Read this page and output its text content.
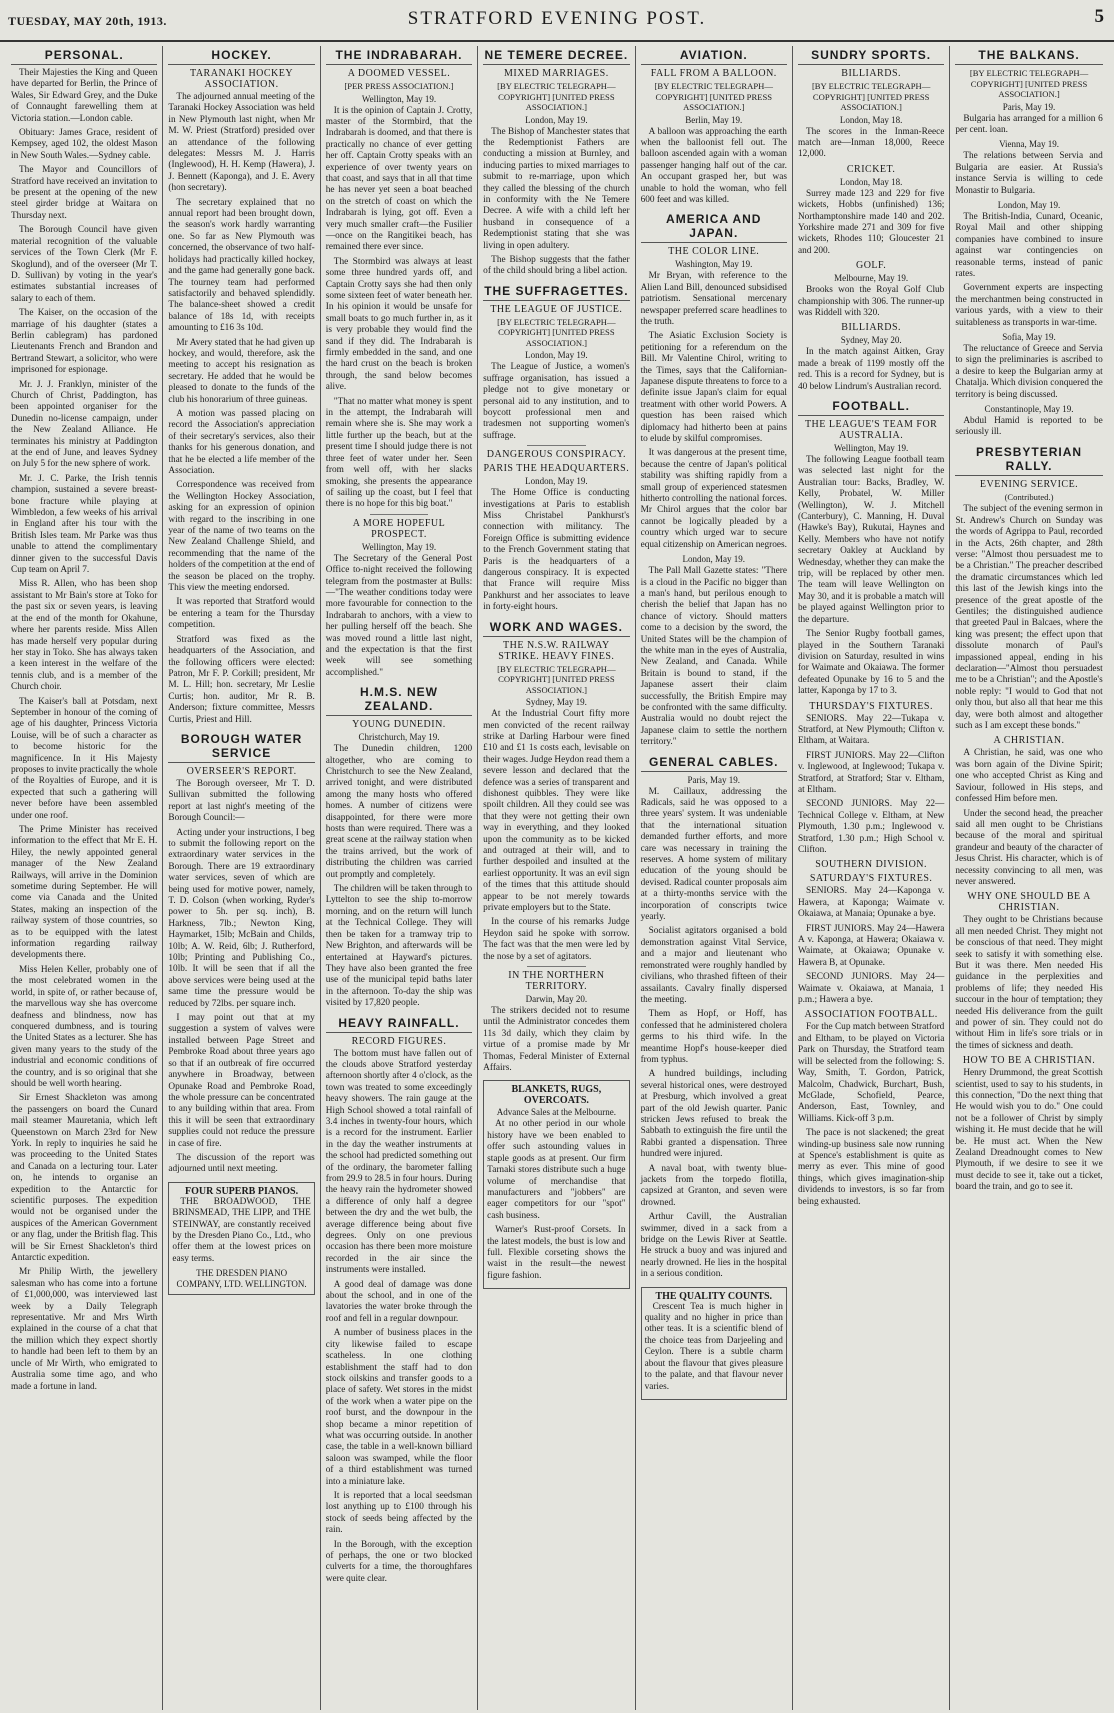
TUESDAY, MAY 20th, 1913.	STRATFORD EVENING POST.	5
PERSONAL.

Their Majesties the King and Queen have departed for Berlin, the Prince of Wales, Sir Edward Grey, and the Duke of Connaught farewelling them at Victoria station.—London cable.

Obituary: James Grace, resident of Kempsey, aged 102, the oldest Mason in New South Wales.—Sydney cable.

The Mayor and Councillors of Stratford have received an invitation to be present at the opening of the new steel girder bridge at Waitara on Thursday next.

The Borough Council have given material recognition of the valuable services of the Town Clerk (Mr F. Skoglund), and of the overseer (Mr T. D. Sullivan) by voting in the year's estimates substantial increases of salary to each of them.

The Kaiser, on the occasion of the marriage of his daughter (states a Berlin cablegram) has pardoned Lieutenants French and Brandon and Bertrand Stewart, a solicitor, who were imprisoned for espionage.

Mr. J. J. Franklyn, minister of the Church of Christ, Paddington, has been appointed organiser for the Dunedin no-license campaign, under the New Zealand Alliance. He terminates his ministry at Paddington at the end of June, and leaves Sydney on July 5 for the new sphere of work.

Mr. J. C. Parke, the Irish tennis champion, sustained a severe breast-bone fracture while playing at Wimbledon, a few weeks of his arrival in England after his tour with the British Isles team. Mr Parke was thus unable to attend the complimentary dinner given to the successful Davis Cup team on April 7.

Miss R. Allen, who has been shop assistant to Mr Bain's store at Toko for the past six or seven years, is leaving at the end of the month for Okahune, where her parents reside. Miss Allen has made herself very popular during her stay in Toko. She has always taken a keen interest in the welfare of the tennis club, and is a member of the Church choir.

The Kaiser's ball at Potsdam, next September in honour of the coming of age of his daughter, Princess Victoria Louise, will be of such a character as to become historic for the magnificence. In it His Majesty proposes to invite practically the whole of the Royalties of Europe, and it is expected that such a gathering will never before have been assembled under one roof.

The Prime Minister has received information to the effect that Mr E. H. Hiley, the newly appointed general manager of the New Zealand Railways, will arrive in the Dominion sometime during September. He will come via Canada and the United States, making an inspection of the railway system of those countries, so as to be equipped with the latest information regarding railway developments there.

Miss Helen Keller, probably one of the most celebrated women in the world, in spite of, or rather because of, the marvellous way she has overcome deafness and blindness, now has conquered dumbness, and is touring the United States as a lecturer. She has given many years to the study of the industrial and economic conditions of the country, and is so original that she should be well worth hearing.

Sir Ernest Shackleton was among the passengers on board the Cunard mail steamer Mauretania, which left Queenstown on March 23rd for New York. In reply to inquiries he said he was proceeding to the United States and Canada on a lecturing tour. Later on, he intends to organise an expedition to the Antarctic for scientific purposes. The expedition would not be organised under the auspices of the American Government or any flag, under the British flag. This will be Sir Ernest Shackleton's third Antarctic expedition.

Mr Philip Wirth, the jewellery salesman who has come into a fortune of £1,000,000, was interviewed last week by a Daily Telegraph representative. Mr and Mrs Wirth explained in the course of a chat that the million which they expect shortly to handle had been left to them by an uncle of Mr Wirth, who emigrated to Australia some time ago, and who made a fortune in land.

HOCKEY.
TARANAKI HOCKEY ASSOCIATION.

The adjourned annual meeting of the Taranaki Hockey Association was held in New Plymouth last night, when Mr M. W. Priest (Stratford) presided over an attendance of the following delegates: Messrs M. J. Harris (Inglewood), H. H. Kemp (Hawera), J. J. Bennett (Kaponga), and J. E. Avery (hon secretary).

The secretary explained that no annual report had been brought down, the season's work hardly warranting one. So far as New Plymouth was concerned, the observance of two half-holidays had practically killed hockey, and the game had generally gone back. The tourney team had performed satisfactorily and behaved splendidly. The balance-sheet showed a credit balance of 18s 1d, with receipts amounting to £16 3s 10d.

Mr Avery stated that he had given up hockey, and would, therefore, ask the meeting to accept his resignation as secretary. He added that he would be pleased to donate to the funds of the club his honorarium of three guineas.

A motion was passed placing on record the Association's appreciation of their secretary's services, also their thanks for his generous donation, and that he be elected a life member of the Association.

Correspondence was received from the Wellington Hockey Association, asking for an expression of opinion with regard to the inscribing in one year of the name of two teams on the New Zealand Challenge Shield, and recommending that the name of the holders of the competition at the end of the season be placed on the trophy. This view the meeting endorsed.

It was reported that Stratford would be entering a team for the Thursday competition.

Stratford was fixed as the headquarters of the Association, and the following officers were elected: Patron, Mr F. P. Corkill; president, Mr M. L. Hill; hon. secretary, Mr Leslie Curtis; hon. auditor, Mr R. B. Anderson; fixture committee, Messrs Curtis, Priest and Hill.

BOROUGH WATER SERVICE
OVERSEER'S REPORT.

The Borough overseer, Mr T. D. Sullivan submitted the following report at last night's meeting of the Borough Council:—

Acting under your instructions, I beg to submit the following report on the extraordinary water services in the Borough. There are 19 extraordinary water services, seven of which are being used for motive power, namely, T. D. Colson (when working, Ryder's power to 5h. per sq. inch), B. Harkness, 7lb.; Newton King, Haymarket, 15lb; McBain and Childs, 10lb; A. W. Reid, 6lb; J. Rutherford, 10lb; Printing and Publishing Co., 10lb. It will be seen that if all the above services were being used at the same time the pressure would be reduced by 72lbs. per square inch.

I may point out that at my suggestion a system of valves were installed between Page Street and Pembroke Road about three years ago so that if an outbreak of fire occurred anywhere in Broadway, between Opunake Road and Pembroke Road, the whole pressure can be concentrated to any building within that area. From this it will be seen that extraordinary supplies could not reduce the pressure in case of fire.

The discussion of the report was adjourned until next meeting.

FOUR SUPERB PIANOS.

THE BROADWOOD, THE BRINSMEAD, THE LIPP, and THE STEINWAY, are constantly received by the Dresden Piano Co., Ltd., who offer them at the lowest prices on easy terms.

THE DRESDEN PIANO COMPANY, LTD. WELLINGTON.
THE INDRABARAH.
A DOOMED VESSEL.
[PER PRESS ASSOCIATION.]
Wellington, May 19.

It is the opinion of Captain J. Crotty, master of the Stormbird, that the Indrabarah is doomed, and that there is practically no chance of ever getting her off. Captain Crotty speaks with an experience of over twenty years on that coast, and says that in all that time he has never yet seen a boat beached on the stretch of coast on which the Indrabarah is lying, got off. Even a very much smaller craft—the Fusilier—once on the Rangitikei beach, has remained there ever since.

The Stormbird was always at least some three hundred yards off, and Captain Crotty says she had then only some sixteen feet of water beneath her. In his opinion it would be unsafe for small boats to go much further in, as it is very probable they would find the sand if they did. The Indrabarah is firmly embedded in the sand, and one the hard crust on the beach is broken through, the sand below becomes alive.

"That no matter what money is spent in the attempt, the Indrabarah will remain where she is. She may work a little further up the beach, but at the present time I should judge there is not three feet of water under her. Seen from well off, with her slacks smoking, she presents the appearance of sailing up the coast, but I feel that there is no hope for this big boat."

A MORE HOPEFUL PROSPECT.
Wellington, May 19.

The Secretary of the General Post Office to-night received the following telegram from the postmaster at Bulls:—"The weather conditions today were more favourable for connection to the Indrabarah to anchors, with a view to her pulling herself off the beach. She was moved round a little last night, and the expectation is that the first week will see something accomplished."

H.M.S. NEW ZEALAND.
YOUNG DUNEDIN.
Christchurch, May 19.

The Dunedin children, 1200 altogether, who are coming to Christchurch to see the New Zealand, arrived tonight, and were distributed among the many hosts who offered homes. A number of citizens were disappointed, for there were more hosts than were required. There was a great scene at the railway station when the trains arrived, but the work of distributing the children was carried out promptly and completely.

The children will be taken through to Lyttelton to see the ship to-morrow morning, and on the return will lunch at the Technical College. They will then be taken for a tramway trip to New Brighton, and afterwards will be entertained at Hayward's pictures. They have also been granted the free use of the municipal tepid baths later in the afternoon. To-day the ship was visited by 17,820 people.

HEAVY RAINFALL.
RECORD FIGURES.

The bottom must have fallen out of the clouds above Stratford yesterday afternoon shortly after 4 o'clock, as the town was treated to some exceedingly heavy showers. The rain gauge at the High School showed a total rainfall of 3.4 inches in twenty-four hours, which is a record for the instrument. Earlier in the day the weather instruments at the school had predicted something out of the ordinary, the barometer falling from 29.9 to 28.5 in four hours. During the heavy rain the hydrometer showed a difference of only half a degree between the dry and the wet bulb, the average difference being about five degrees. Only on one previous occasion has there been more moisture recorded in the air since the instruments were installed.

A good deal of damage was done about the school, and in one of the lavatories the water broke through the roof and fell in a regular downpour.

A number of business places in the city likewise failed to escape scatheless. In one clothing establishment the staff had to don stock oilskins and transfer goods to a place of safety. Wet stores in the midst of the work when a water pipe on the roof burst, and the downpour in the shop became a minor repetition of what was occurring outside. In another case, the table in a well-known billiard saloon was swamped, while the floor of a third establishment was turned into a miniature lake.

It is reported that a local seedsman lost anything up to £100 through his stock of seeds being affected by the rain.

In the Borough, with the exception of perhaps, the one or two blocked culverts for a time, the thoroughfares were quite clear.

NE TEMERE DECREE.
MIXED MARRIAGES.
[BY ELECTRIC TELEGRAPH—COPYRIGHT] [UNITED PRESS ASSOCIATION.]
London, May 19.

The Bishop of Manchester states that the Redemptionist Fathers are conducting a mission at Burnley, and inducing parties to mixed marriages to submit to re-marriage, upon which they called the blessing of the church in conformity with the Ne Temere Decree. A wife with a child left her husband in consequence of a Redemptionist stating that she was living in open adultery.

The Bishop suggests that the father of the child should bring a libel action.

THE SUFFRAGETTES.
THE LEAGUE OF JUSTICE.
[BY ELECTRIC TELEGRAPH—COPYRIGHT] [UNITED PRESS ASSOCIATION.]
London, May 19.

The League of Justice, a women's suffrage organisation, has issued a pledge not to give monetary or personal aid to any institution, and to boycott professional men and tradesmen not supporting women's suffrage.

DANGEROUS CONSPIRACY.
PARIS THE HEADQUARTERS.
London, May 19.

The Home Office is conducting investigations at Paris to establish Miss Christabel Pankhurst's connection with militancy. The Foreign Office is submitting evidence to the French Government stating that Paris is the headquarters of a dangerous conspiracy. It is expected that France will require Miss Pankhurst and her associates to leave in forty-eight hours.

WORK AND WAGES.
THE N.S.W. RAILWAY STRIKE. HEAVY FINES.
[BY ELECTRIC TELEGRAPH—COPYRIGHT] [UNITED PRESS ASSOCIATION.]
Sydney, May 19.

At the Industrial Court fifty more men convicted of the recent railway strike at Darling Harbour were fined £10 and £1 1s costs each, levisable on their wages. Judge Heydon read them a severe lesson and declared that the defence was a series of transparent and dishonest quibbles. They were like spoilt children. All they could see was that they were not getting their own way in everything, and they looked upon the community as to be kicked and outraged at their will, and to further despoiled and insulted at the earliest opportunity. It was an evil sign of the times that this attitude should appear to be not merely towards private employers but to the State.

In the course of his remarks Judge Heydon said he spoke with sorrow. The fact was that the men were led by the nose by a set of agitators.

IN THE NORTHERN TERRITORY.
Darwin, May 20.

The strikers decided not to resume until the Administrator concedes them 11s 3d daily, which they claim by virtue of a promise made by Mr Thomas, Federal Minister of External Affairs.

BLANKETS, RUGS, OVERCOATS.
Advance Sales at the Melbourne.

At no other period in our whole history have we been enabled to offer such astounding values in staple goods as at present. Our firm Tarnaki stores distribute such a huge volume of merchandise that manufacturers and "jobbers" are eager competitors for our "spot" cash business.

Warner's Rust-proof Corsets. In the latest models, the bust is low and full. Flexible corseting shows the waist in the result—the newest figure fashion.

AVIATION.
FALL FROM A BALLOON.
[BY ELECTRIC TELEGRAPH—COPYRIGHT] [UNITED PRESS ASSOCIATION.]
Berlin, May 19.

A balloon was approaching the earth when the balloonist fell out. The balloon ascended again with a woman passenger hanging half out of the car. An occupant grasped her, but was unable to hold the woman, who fell 600 feet and was killed.

AMERICA AND JAPAN.
THE COLOR LINE.
Washington, May 19.

Mr Bryan, with reference to the Alien Land Bill, denounced subsidised patriotism. Sensational mercenary newspaper preferred scare headlines to the truth.

The Asiatic Exclusion Society is petitioning for a referendum on the Bill. Mr Valentine Chirol, writing to the Times, says that the Californian-Japanese dispute threatens to force to a definite issue Japan's claim for equal treatment with other world Powers. A question has been raised which diplomacy had hitherto been at pains to elude by skilful compromises.

It was dangerous at the present time, because the centre of Japan's political stability was shifting rapidly from a small group of experienced statesmen hitherto controlling the national forces. Mr Chirol argues that the color bar cannot be logically pleaded by a country which urged war to secure equal citizenship on American negroes.

London, May 19.

The Pall Mall Gazette states: "There is a cloud in the Pacific no bigger than a man's hand, but perilous enough to cherish the belief that Japan has no chance of victory. Should matters come to a decision by the sword, the United States will be the champion of the white man in the eyes of Australia, New Zealand, and Canada. While Britain is bound to stand, if the Japanese assert their claim successfully, the British Empire may be confronted with the same difficulty. Australia would no doubt reject the Japanese claim to settle the northern territory."

GENERAL CABLES.
Paris, May 19.

M. Caillaux, addressing the Radicals, said he was opposed to a three years' system. It was undeniable that the international situation demanded further efforts, and more care was necessary in training the reserves. A home system of military education of the young should be devised. Radical counter proposals aim at a thirty-months service with the incorporation of conscripts twice yearly.

Socialist agitators organised a bold demonstration against Vital Service, and a major and lieutenant who remonstrated were roughly handled by civilians, who thrashed fifteen of their assailants. Cavalry finally dispersed the meeting.

Them as Hopf, or Hoff, has confessed that he administered cholera germs to his third wife. In the meantime Hopf's house-keeper died from typhus.

A hundred buildings, including several historical ones, were destroyed at Presburg, which involved a great part of the old Jewish quarter. Panic stricken Jews refused to break the Sabbath to extinguish the fire until the Rabbi granted a dispensation. Three hundred were injured.

A naval boat, with twenty blue-jackets from the torpedo flotilla, capsized at Granton, and seven were drowned.

Arthur Cavill, the Australian swimmer, dived in a sack from a bridge on the Lewis River at Seattle. He struck a buoy and was injured and nearly drowned. He lies in the hospital in a serious condition.

THE QUALITY COUNTS.

Crescent Tea is much higher in quality and no higher in price than other teas. It is a scientific blend of the choice teas from Darjeeling and Ceylon. There is a subtle charm about the flavour that gives pleasure to the palate, and that flavour never varies.

SUNDRY SPORTS.
BILLIARDS.
[BY ELECTRIC TELEGRAPH—COPYRIGHT] [UNITED PRESS ASSOCIATION.]
London, May 18.

The scores in the Inman-Reece match are—Inman 18,000, Reece 12,000.

CRICKET.
London, May 18.

Surrey made 123 and 229 for five wickets, Hobbs (unfinished) 136; Northamptonshire made 140 and 202. Yorkshire made 271 and 309 for five wickets, Rhodes 110; Gloucester 21 and 200.

GOLF.
Melbourne, May 19.

Brooks won the Royal Golf Club championship with 306. The runner-up was Riddell with 320.

BILLIARDS.
Sydney, May 20.

In the match against Aitken, Gray made a break of 1199 mostly off the red. This is a record for Sydney, but is 40 below Lindrum's Australian record.

FOOTBALL.
THE LEAGUE'S TEAM FOR AUSTRALIA.
Wellington, May 19.

The following League football team was selected last night for the Australian tour: Backs, Bradley, W. Kelly, Probatel, W. Miller (Wellington), W. J. Mitchell (Canterbury), C. Manning, H. Duval (Hawke's Bay), Rukutai, Haynes and Kelly. Members who have not notify secretary Oakley at Auckland by Wednesday, whether they can make the trip, will be replaced by other men. The team will leave Wellington on May 30, and it is probable a match will be played against Wellington prior to the departure.

The Senior Rugby football games, played in the Southern Taranaki division on Saturday, resulted in wins for Waimate and Okaiawa. The former defeated Opunake by 16 to 5 and the latter, Kaponga by 17 to 3.

THURSDAY'S FIXTURES.

SENIORS. May 22—Tukapa v. Stratford, at New Plymouth; Clifton v. Eltham, at Waitara.

FIRST JUNIORS. May 22—Clifton v. Inglewood, at Inglewood; Tukapa v. Stratford, at Stratford; Star v. Eltham, at Eltham.

SECOND JUNIORS. May 22—Technical College v. Eltham, at New Plymouth, 1.30 p.m.; Inglewood v. Stratford, 1.30 p.m.; High School v. Clifton.

SOUTHERN DIVISION.
SATURDAY'S FIXTURES.

SENIORS. May 24—Kaponga v. Hawera, at Kaponga; Waimate v. Okaiawa, at Manaia; Opunake a bye.

FIRST JUNIORS. May 24—Hawera A v. Kaponga, at Hawera; Okaiawa v. Waimate, at Okaiawa; Opunake v. Hawera B, at Opunake.

SECOND JUNIORS. May 24—Waimate v. Okaiawa, at Manaia, 1 p.m.; Hawera a bye.

ASSOCIATION FOOTBALL.

For the Cup match between Stratford and Eltham, to be played on Victoria Park on Thursday, the Stratford team will be selected from the following: S. Way, Smith, T. Gordon, Patrick, Malcolm, Chadwick, Burchart, Bush, McGlade, Schofield, Pearce, Anderson, East, Townley, and Williams. Kick-off 3 p.m.

The pace is not slackened; the great winding-up business sale now running at Spence's establishment is quite as merry as ever. This mine of good things, which gives imagination-ship dividends to investors, is so far from being exhausted.

THE BALKANS.
[BY ELECTRIC TELEGRAPH—COPYRIGHT] [UNITED PRESS ASSOCIATION.]
Paris, May 19.

Bulgaria has arranged for a million 6 per cent. loan.

Vienna, May 19.

The relations between Servia and Bulgaria are easier. At Russia's instance Servia is willing to cede Monastir to Bulgaria.

London, May 19.

The British-India, Cunard, Oceanic, Royal Mail and other shipping companies have combined to insure against war contingencies on reasonable terms, instead of panic rates.

Government experts are inspecting the merchantmen being constructed in various yards, with a view to their suitableness as transports in war-time.

Sofia, May 19.

The reluctance of Greece and Servia to sign the preliminaries is ascribed to a desire to keep the Bulgarian army at Chatalja. Which division conquered the territory is being discussed.

Constantinople, May 19.

Abdul Hamid is reported to be seriously ill.

PRESBYTERIAN RALLY.
EVENING SERVICE.
(Contributed.)

The subject of the evening sermon in St. Andrew's Church on Sunday was the words of Agrippa to Paul, recorded in the Acts, 26th chapter, and 28th verse: "Almost thou persuadest me to be a Christian." The preacher described the dramatic circumstances which led this last of the Jewish kings into the presence of the great apostle of the Gentiles; the distinguished audience that greeted Paul in Balcaes, where the king was present; the effect upon that dissolute monarch of Paul's impassioned appeal, ending in his declaration—"Almost thou persuadest me to be a Christian"; and the Apostle's noble reply: "I would to God that not only thou, but also all that hear me this day, were both almost and altogether such as I am except these bonds."

A CHRISTIAN.

A Christian, he said, was one who was born again of the Divine Spirit; one who accepted Christ as King and Saviour, followed in His steps, and confessed Him before men.

Under the second head, the preacher said all men ought to be Christians because of the moral and spiritual grandeur and beauty of the character of Jesus Christ. His character, which is of necessity convincing to all men, was never answered.

WHY ONE SHOULD BE A CHRISTIAN.

They ought to be Christians because all men needed Christ. They might not be conscious of that need. They might seek to satisfy it with something else. But it was there. Men needed His guidance in the perplexities and problems of life; they needed His succour in the hour of temptation; they needed His deliverance from the guilt and power of sin. They could not do without Him in life's sore trials or in the times of sickness and death.

HOW TO BE A CHRISTIAN.

Henry Drummond, the great Scottish scientist, used to say to his students, in this connection, "Do the next thing that He would wish you to do." One could not be a follower of Christ by simply wishing it. He must decide that he will be. He must act. When the New Zealand Dreadnought comes to New Plymouth, if we desire to see it we must decide to see it, take out a ticket, board the train, and go to see it.
